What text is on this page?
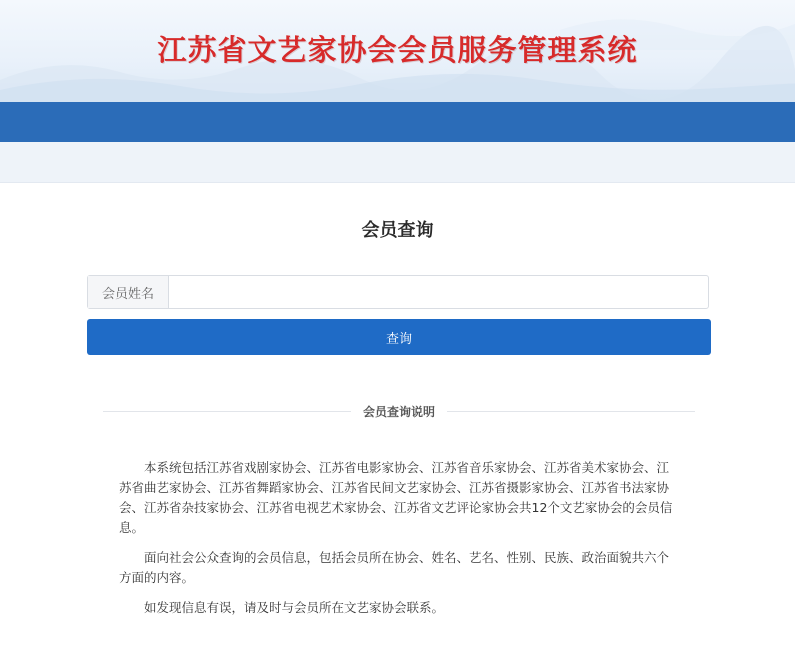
江苏省文艺家协会会员服务管理系统
会员查询
会员姓名
查询
会员查询说明

本系统包括江苏省戏剧家协会、江苏省电影家协会、江苏省音乐家协会、江苏省美术家协会、江苏省曲艺家协会、江苏省舞蹈家协会、江苏省民间文艺家协会、江苏省摄影家协会、江苏省书法家协会、江苏省杂技家协会、江苏省电视艺术家协会、江苏省文艺评论家协会共12个文艺家协会的会员信息。

面向社会公众查询的会员信息，包括会员所在协会、姓名、艺名、性别、民族、政治面貌共六个方面的内容。

如发现信息有误，请及时与会员所在文艺家协会联系。
